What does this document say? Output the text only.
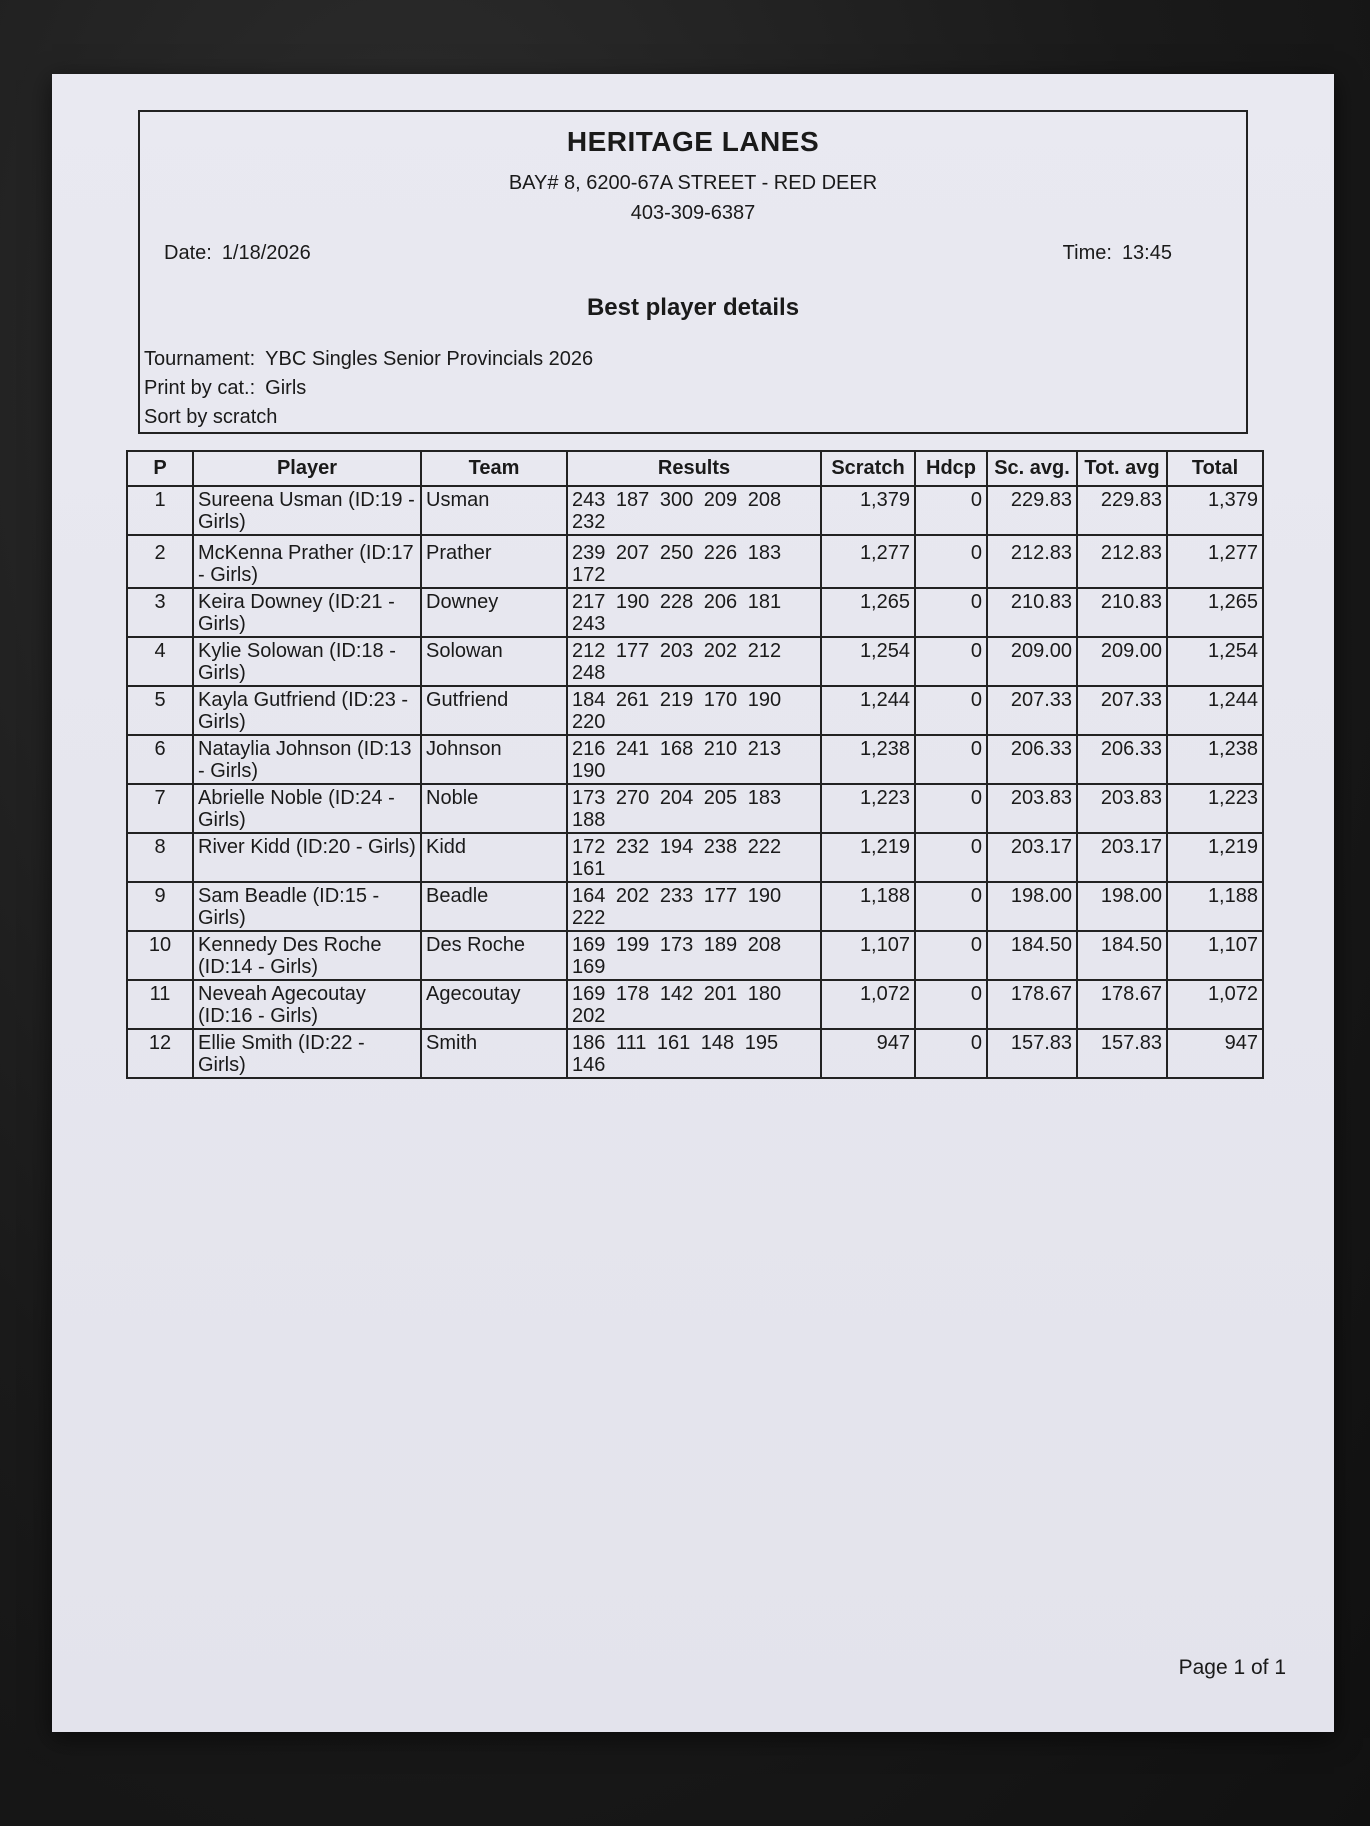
HERITAGE LANES
BAY# 8, 6200-67A STREET - RED DEER
403-309-6387
Date: 1/18/2026	Time: 13:45
Best player details
Tournament: YBC Singles Senior Provincials 2026
Print by cat.: Girls
Sort by scratch
P	Player	Team	Results	Scratch	Hdcp	Sc. avg.	Tot. avg	Total
1	Sureena Usman (ID:19 - Girls)	Usman	243 187 300 209 208 232	1,379	0	229.83	229.83	1,379
2	McKenna Prather (ID:17 - Girls)	Prather	239 207 250 226 183 172	1,277	0	212.83	212.83	1,277
3	Keira Downey (ID:21 - Girls)	Downey	217 190 228 206 181 243	1,265	0	210.83	210.83	1,265
4	Kylie Solowan (ID:18 - Girls)	Solowan	212 177 203 202 212 248	1,254	0	209.00	209.00	1,254
5	Kayla Gutfriend (ID:23 - Girls)	Gutfriend	184 261 219 170 190 220	1,244	0	207.33	207.33	1,244
6	Nataylia Johnson (ID:13 - Girls)	Johnson	216 241 168 210 213 190	1,238	0	206.33	206.33	1,238
7	Abrielle Noble (ID:24 - Girls)	Noble	173 270 204 205 183 188	1,223	0	203.83	203.83	1,223
8	River Kidd (ID:20 - Girls)	Kidd	172 232 194 238 222 161	1,219	0	203.17	203.17	1,219
9	Sam Beadle (ID:15 - Girls)	Beadle	164 202 233 177 190 222	1,188	0	198.00	198.00	1,188
10	Kennedy Des Roche (ID:14 - Girls)	Des Roche	169 199 173 189 208 169	1,107	0	184.50	184.50	1,107
11	Neveah Agecoutay (ID:16 - Girls)	Agecoutay	169 178 142 201 180 202	1,072	0	178.67	178.67	1,072
12	Ellie Smith (ID:22 - Girls)	Smith	186 111 161 148 195 146	947	0	157.83	157.83	947
Page 1 of 1
